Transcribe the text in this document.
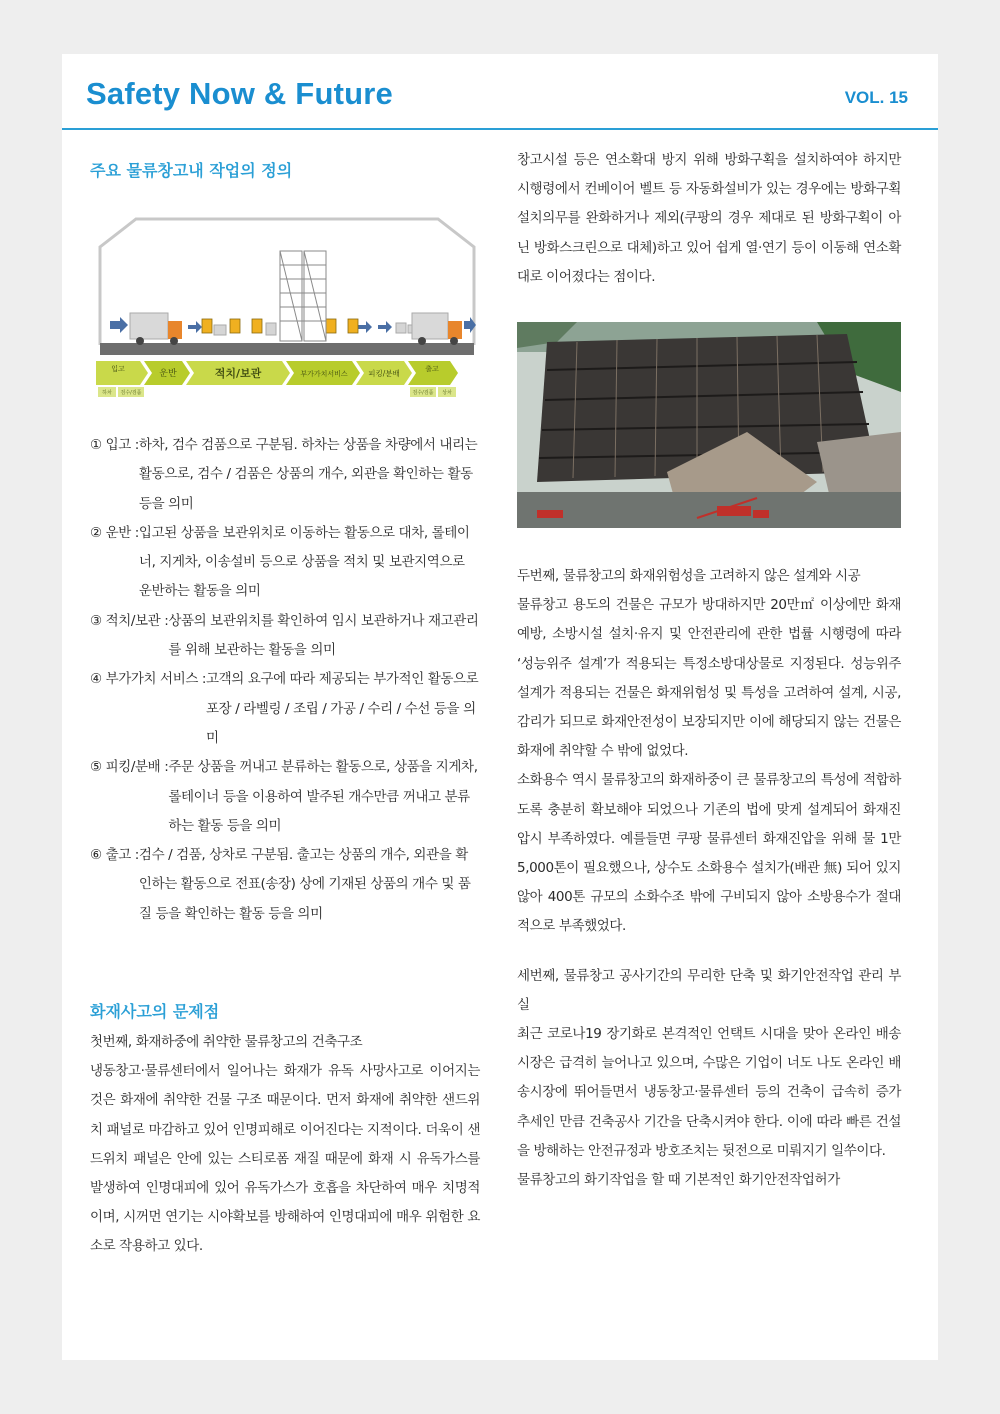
Safety Now & Future	VOL. 15
주요 물류창고내 작업의 정의
입고	운반	적치/보관	부가가치서비스	피킹/분배	출고
하차 검수/검품	검수/검품 상차
① 입고 : 하차, 검수 검품으로 구분됨. 하차는 상품을 차량에서 내리는 활동으로, 검수 / 검품은 상품의 개수, 외관을 확인하는 활동 등을 의미
② 운반 : 입고된 상품을 보관위치로 이동하는 활동으로 대차, 롤테이너, 지게차, 이송설비 등으로 상품을 적치 및 보관지역으로 운반하는 활동을 의미
③ 적치/보관 : 상품의 보관위치를 확인하여 임시 보관하거나 재고관리를 위해 보관하는 활동을 의미
④ 부가가치 서비스 : 고객의 요구에 따라 제공되는 부가적인 활동으로 포장 / 라벨링 / 조립 / 가공 / 수리 / 수선 등을 의미
⑤ 피킹/분배 : 주문 상품을 꺼내고 분류하는 활동으로, 상품을 지게차, 롤테이너 등을 이용하여 발주된 개수만큼 꺼내고 분류하는 활동 등을 의미
⑥ 출고 : 검수 / 검품, 상차로 구분됨. 출고는 상품의 개수, 외관을 확인하는 활동으로 전표(송장) 상에 기재된 상품의 개수 및 품질 등을 확인하는 활동 등을 의미
화재사고의 문제점

첫번째, 화재하중에 취약한 물류창고의 건축구조

냉동창고·물류센터에서 일어나는 화재가 유독 사망사고로 이어지는 것은 화재에 취약한 건물 구조 때문이다. 먼저 화재에 취약한 샌드위치 패널로 마감하고 있어 인명피해로 이어진다는 지적이다. 더욱이 샌드위치 패널은 안에 있는 스티로폼 재질 때문에 화재 시 유독가스를 발생하여 인명대피에 있어 유독가스가 호흡을 차단하여 매우 치명적이며, 시꺼먼 연기는 시야확보를 방해하여 인명대피에 매우 위험한 요소로 작용하고 있다.

창고시설 등은 연소확대 방지 위해 방화구획을 설치하여야 하지만 시행령에서 컨베이어 벨트 등 자동화설비가 있는 경우에는 방화구획 설치의무를 완화하거나 제외(쿠팡의 경우 제대로 된 방화구획이 아닌 방화스크린으로 대체)하고 있어 쉽게 열·연기 등이 이동해 연소확대로 이어졌다는 점이다.

두번째, 물류창고의 화재위험성을 고려하지 않은 설계와 시공

물류창고 용도의 건물은 규모가 방대하지만 20만㎡ 이상에만 화재예방, 소방시설 설치·유지 및 안전관리에 관한 법률 시행령에 따라 ‘성능위주 설계’가 적용되는 특정소방대상물로 지정된다. 성능위주설계가 적용되는 건물은 화재위험성 및 특성을 고려하여 설계, 시공, 감리가 되므로 화재안전성이 보장되지만 이에 해당되지 않는 건물은 화재에 취약할 수 밖에 없었다.

소화용수 역시 물류창고의 화재하중이 큰 물류창고의 특성에 적합하도록 충분히 확보해야 되었으나 기존의 법에 맞게 설계되어 화재진압시 부족하였다. 예를들면 쿠팡 물류센터 화재진압을 위해 물 1만5,000톤이 필요했으나, 상수도 소화용수 설치가(배관 無) 되어 있지 않아 400톤 규모의 소화수조 밖에 구비되지 않아 소방용수가 절대적으로 부족했었다.

세번째, 물류창고 공사기간의 무리한 단축 및 화기안전작업 관리 부실

최근 코로나19 장기화로 본격적인 언택트 시대을 맞아 온라인 배송시장은 급격히 늘어나고 있으며, 수많은 기업이 너도 나도 온라인 배송시장에 뛰어들면서 냉동창고·물류센터 등의 건축이 급속히 증가 추세인 만큼 건축공사 기간을 단축시켜야 한다. 이에 따라 빠른 건설을 방해하는 안전규정과 방호조치는 뒷전으로 미뤄지기 일쑤이다.

물류창고의 화기작업을 할 때 기본적인 화기안전작업허가
